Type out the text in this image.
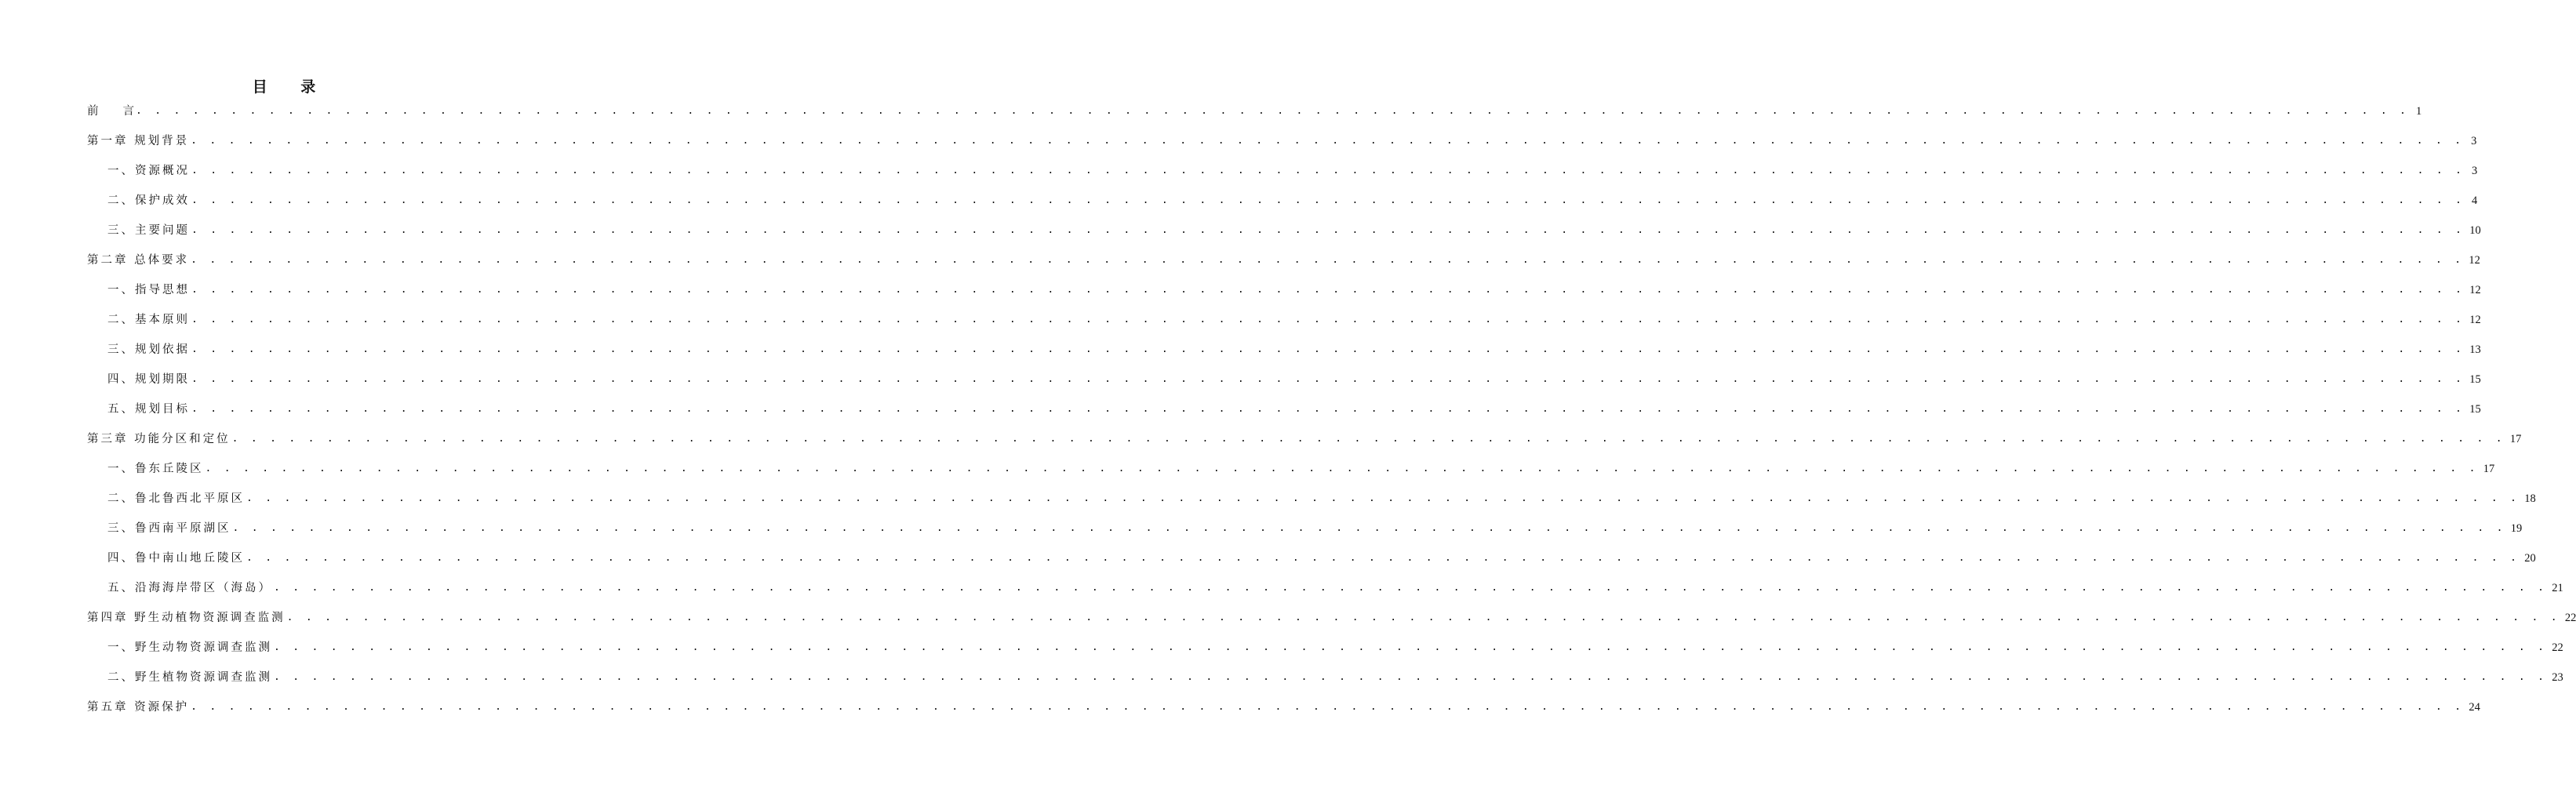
目 录
前 言 . . . . . . . . . . . . . . . . . . . . . . . . . . . . . . . . . . . . . . . . . . . . . . . . . . . . . . . . . . . . . . . . . . . . . . . . . . . . . . . . . . . . . . . . . . . . . . . . . . . . . . . . . . . . . . . . . . . . . . . . 1
第一章 规划背景 . . . . . . . . . . . . . . . . . . . . . . . . . . . . . . . . . . . . . . . . . . . . . . . . . . . . . . . . . . . . . . . . . . . . . . . . . . . . . . . . . . . . . . . . . . . . . . . . . . . . . . . . . . . . . . . . . . . . . . . . 3
一、资源概况 . . . . . . . . . . . . . . . . . . . . . . . . . . . . . . . . . . . . . . . . . . . . . . . . . . . . . . . . . . . . . . . . . . . . . . . . . . . . . . . . . . . . . . . . . . . . . . . . . . . . . . . . . . . . . . . . . . . . . . . . 3
二、保护成效 . . . . . . . . . . . . . . . . . . . . . . . . . . . . . . . . . . . . . . . . . . . . . . . . . . . . . . . . . . . . . . . . . . . . . . . . . . . . . . . . . . . . . . . . . . . . . . . . . . . . . . . . . . . . . . . . . . . . . . . . 4
三、主要问题 . . . . . . . . . . . . . . . . . . . . . . . . . . . . . . . . . . . . . . . . . . . . . . . . . . . . . . . . . . . . . . . . . . . . . . . . . . . . . . . . . . . . . . . . . . . . . . . . . . . . . . . . . . . . . . . . . . . . . . . . 10
第二章 总体要求 . . . . . . . . . . . . . . . . . . . . . . . . . . . . . . . . . . . . . . . . . . . . . . . . . . . . . . . . . . . . . . . . . . . . . . . . . . . . . . . . . . . . . . . . . . . . . . . . . . . . . . . . . . . . . . . . . . . . . . . . 12
一、指导思想 . . . . . . . . . . . . . . . . . . . . . . . . . . . . . . . . . . . . . . . . . . . . . . . . . . . . . . . . . . . . . . . . . . . . . . . . . . . . . . . . . . . . . . . . . . . . . . . . . . . . . . . . . . . . . . . . . . . . . . . . 12
二、基本原则 . . . . . . . . . . . . . . . . . . . . . . . . . . . . . . . . . . . . . . . . . . . . . . . . . . . . . . . . . . . . . . . . . . . . . . . . . . . . . . . . . . . . . . . . . . . . . . . . . . . . . . . . . . . . . . . . . . . . . . . . 12
三、规划依据 . . . . . . . . . . . . . . . . . . . . . . . . . . . . . . . . . . . . . . . . . . . . . . . . . . . . . . . . . . . . . . . . . . . . . . . . . . . . . . . . . . . . . . . . . . . . . . . . . . . . . . . . . . . . . . . . . . . . . . . . 13
四、规划期限 . . . . . . . . . . . . . . . . . . . . . . . . . . . . . . . . . . . . . . . . . . . . . . . . . . . . . . . . . . . . . . . . . . . . . . . . . . . . . . . . . . . . . . . . . . . . . . . . . . . . . . . . . . . . . . . . . . . . . . . . 15
五、规划目标 . . . . . . . . . . . . . . . . . . . . . . . . . . . . . . . . . . . . . . . . . . . . . . . . . . . . . . . . . . . . . . . . . . . . . . . . . . . . . . . . . . . . . . . . . . . . . . . . . . . . . . . . . . . . . . . . . . . . . . . . 15
第三章 功能分区和定位 . . . . . . . . . . . . . . . . . . . . . . . . . . . . . . . . . . . . . . . . . . . . . . . . . . . . . . . . . . . . . . . . . . . . . . . . . . . . . . . . . . . . . . . . . . . . . . . . . . . . . . . . . . . . . . . . . . . . . . . . 17
一、鲁东丘陵区 . . . . . . . . . . . . . . . . . . . . . . . . . . . . . . . . . . . . . . . . . . . . . . . . . . . . . . . . . . . . . . . . . . . . . . . . . . . . . . . . . . . . . . . . . . . . . . . . . . . . . . . . . . . . . . . . . . . . . . . . 17
二、鲁北鲁西北平原区 . . . . . . . . . . . . . . . . . . . . . . . . . . . . . . . . . . . . . . . . . . . . . . . . . . . . . . . . . . . . . . . . . . . . . . . . . . . . . . . . . . . . . . . . . . . . . . . . . . . . . . . . . . . . . . . . . . . . . . . . 18
三、鲁西南平原湖区 . . . . . . . . . . . . . . . . . . . . . . . . . . . . . . . . . . . . . . . . . . . . . . . . . . . . . . . . . . . . . . . . . . . . . . . . . . . . . . . . . . . . . . . . . . . . . . . . . . . . . . . . . . . . . . . . . . . . . . . . 19
四、鲁中南山地丘陵区 . . . . . . . . . . . . . . . . . . . . . . . . . . . . . . . . . . . . . . . . . . . . . . . . . . . . . . . . . . . . . . . . . . . . . . . . . . . . . . . . . . . . . . . . . . . . . . . . . . . . . . . . . . . . . . . . . . . . . . . . 20
五、沿海海岸带区（海岛） . . . . . . . . . . . . . . . . . . . . . . . . . . . . . . . . . . . . . . . . . . . . . . . . . . . . . . . . . . . . . . . . . . . . . . . . . . . . . . . . . . . . . . . . . . . . . . . . . . . . . . . . . . . . . . . . . . . . . . . . 21
第四章 野生动植物资源调查监测 . . . . . . . . . . . . . . . . . . . . . . . . . . . . . . . . . . . . . . . . . . . . . . . . . . . . . . . . . . . . . . . . . . . . . . . . . . . . . . . . . . . . . . . . . . . . . . . . . . . . . . . . . . . . . . . . . . . . . . . . 22
一、野生动物资源调查监测 . . . . . . . . . . . . . . . . . . . . . . . . . . . . . . . . . . . . . . . . . . . . . . . . . . . . . . . . . . . . . . . . . . . . . . . . . . . . . . . . . . . . . . . . . . . . . . . . . . . . . . . . . . . . . . . . . . . . . . . . 22
二、野生植物资源调查监测 . . . . . . . . . . . . . . . . . . . . . . . . . . . . . . . . . . . . . . . . . . . . . . . . . . . . . . . . . . . . . . . . . . . . . . . . . . . . . . . . . . . . . . . . . . . . . . . . . . . . . . . . . . . . . . . . . . . . . . . . 23
第五章 资源保护 . . . . . . . . . . . . . . . . . . . . . . . . . . . . . . . . . . . . . . . . . . . . . . . . . . . . . . . . . . . . . . . . . . . . . . . . . . . . . . . . . . . . . . . . . . . . . . . . . . . . . . . . . . . . . . . . . . . . . . . . 24
